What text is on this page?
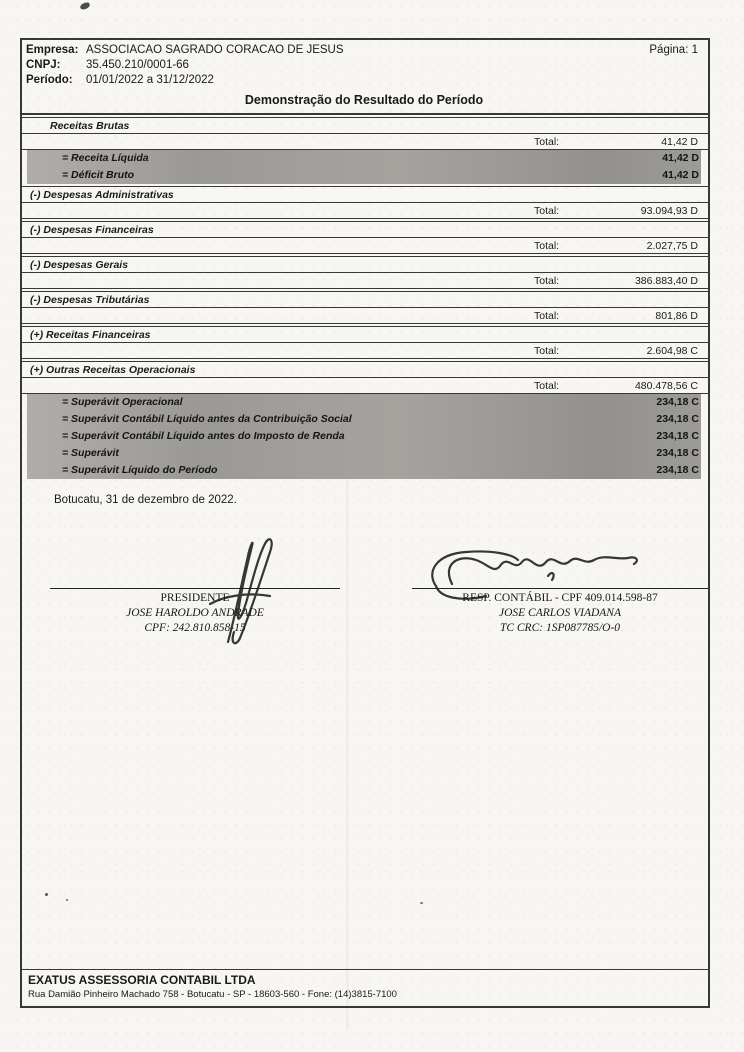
Empresa: ASSOCIACAO SAGRADO CORACAO DE JESUS	Página: 1
CNPJ:	35.450.210/0001-66
Período:	01/01/2022 a 31/12/2022
Demonstração do Resultado do Período
Receitas Brutas
Total:	41,42 D
= Receita Líquida	41,42 D
= Déficit Bruto	41,42 D
(-) Despesas Administrativas
Total:	93.094,93 D
(-) Despesas Financeiras
Total:	2.027,75 D
(-) Despesas Gerais
Total:	386.883,40 D
(-) Despesas Tributárias
Total:	801,86 D
(+) Receitas Financeiras
Total:	2.604,98 C
(+) Outras Receitas Operacionais
Total:	480.478,56 C
= Superávit Operacional	234,18 C
= Superávit Contábil Líquido antes da Contribuição Social	234,18 C
= Superávit Contábil Líquido antes do Imposto de Renda	234,18 C
= Superávit	234,18 C
= Superávit Líquido do Período	234,18 C
Botucatu, 31 de dezembro de 2022.
PRESIDENTE
JOSE HAROLDO ANDRADE
CPF: 242.810.858-15
RESP. CONTÁBIL - CPF 409.014.598-87
JOSE CARLOS VIADANA
TC CRC: 1SP087785/O-0
EXATUS ASSESSORIA CONTABIL LTDA
Rua Damião Pinheiro Machado 758 - Botucatu - SP - 18603-560 - Fone: (14)3815-7100
